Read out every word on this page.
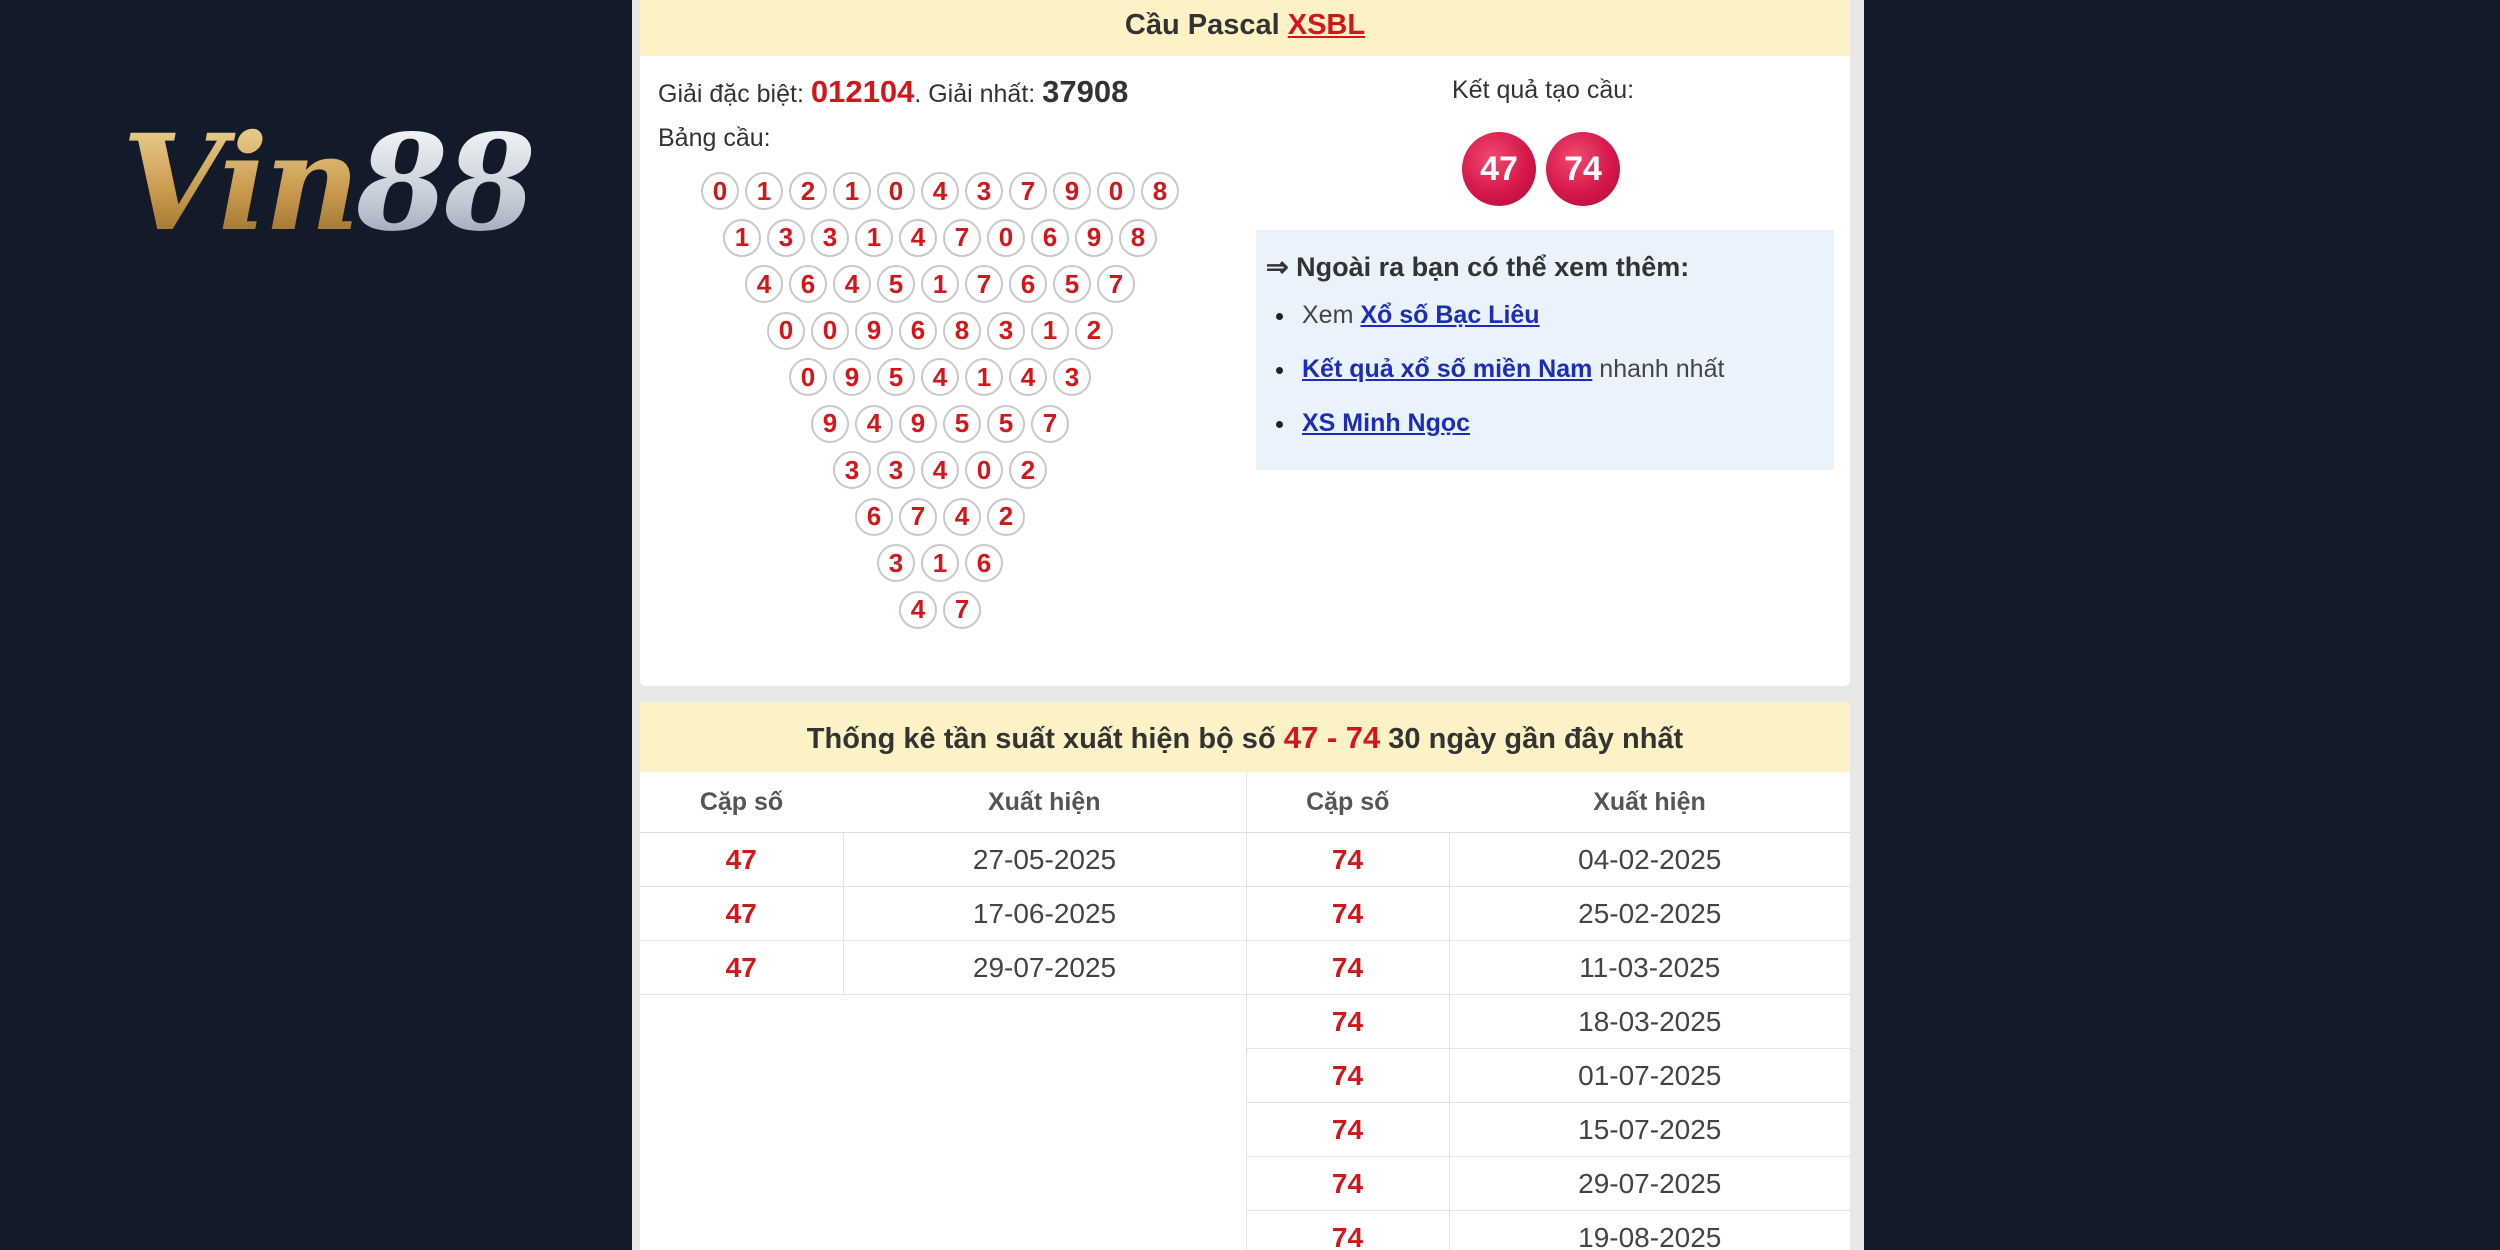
Vin88
Cầu Pascal XSBL
Giải đặc biệt: 012104. Giải nhất: 37908
Bảng cầu:
0	1	2	1	0	4	3	7	9	0	8
1	3	3	1	4	7	0	6	9	8
4	6	4	5	1	7	6	5	7
0	0	9	6	8	3	1	2
0	9	5	4	1	4	3
9	4	9	5	5	7
3	3	4	0	2
6	7	4	2
3	1	6
4	7
Kết quả tạo cầu:
47	74
⇒ Ngoài ra bạn có thể xem thêm:
Xem Xổ số Bạc Liêu
Kết quả xổ số miền Nam nhanh nhất
XS Minh Ngọc
Thống kê tần suất xuất hiện bộ số 47 - 74 30 ngày gần đây nhất
Cặp số	Xuất hiện	Cặp số	Xuất hiện
47	27-05-2025	74	04-02-2025
47	17-06-2025	74	25-02-2025
47	29-07-2025	74	11-03-2025
		74	18-03-2025
		74	01-07-2025
		74	15-07-2025
		74	29-07-2025
		74	19-08-2025
